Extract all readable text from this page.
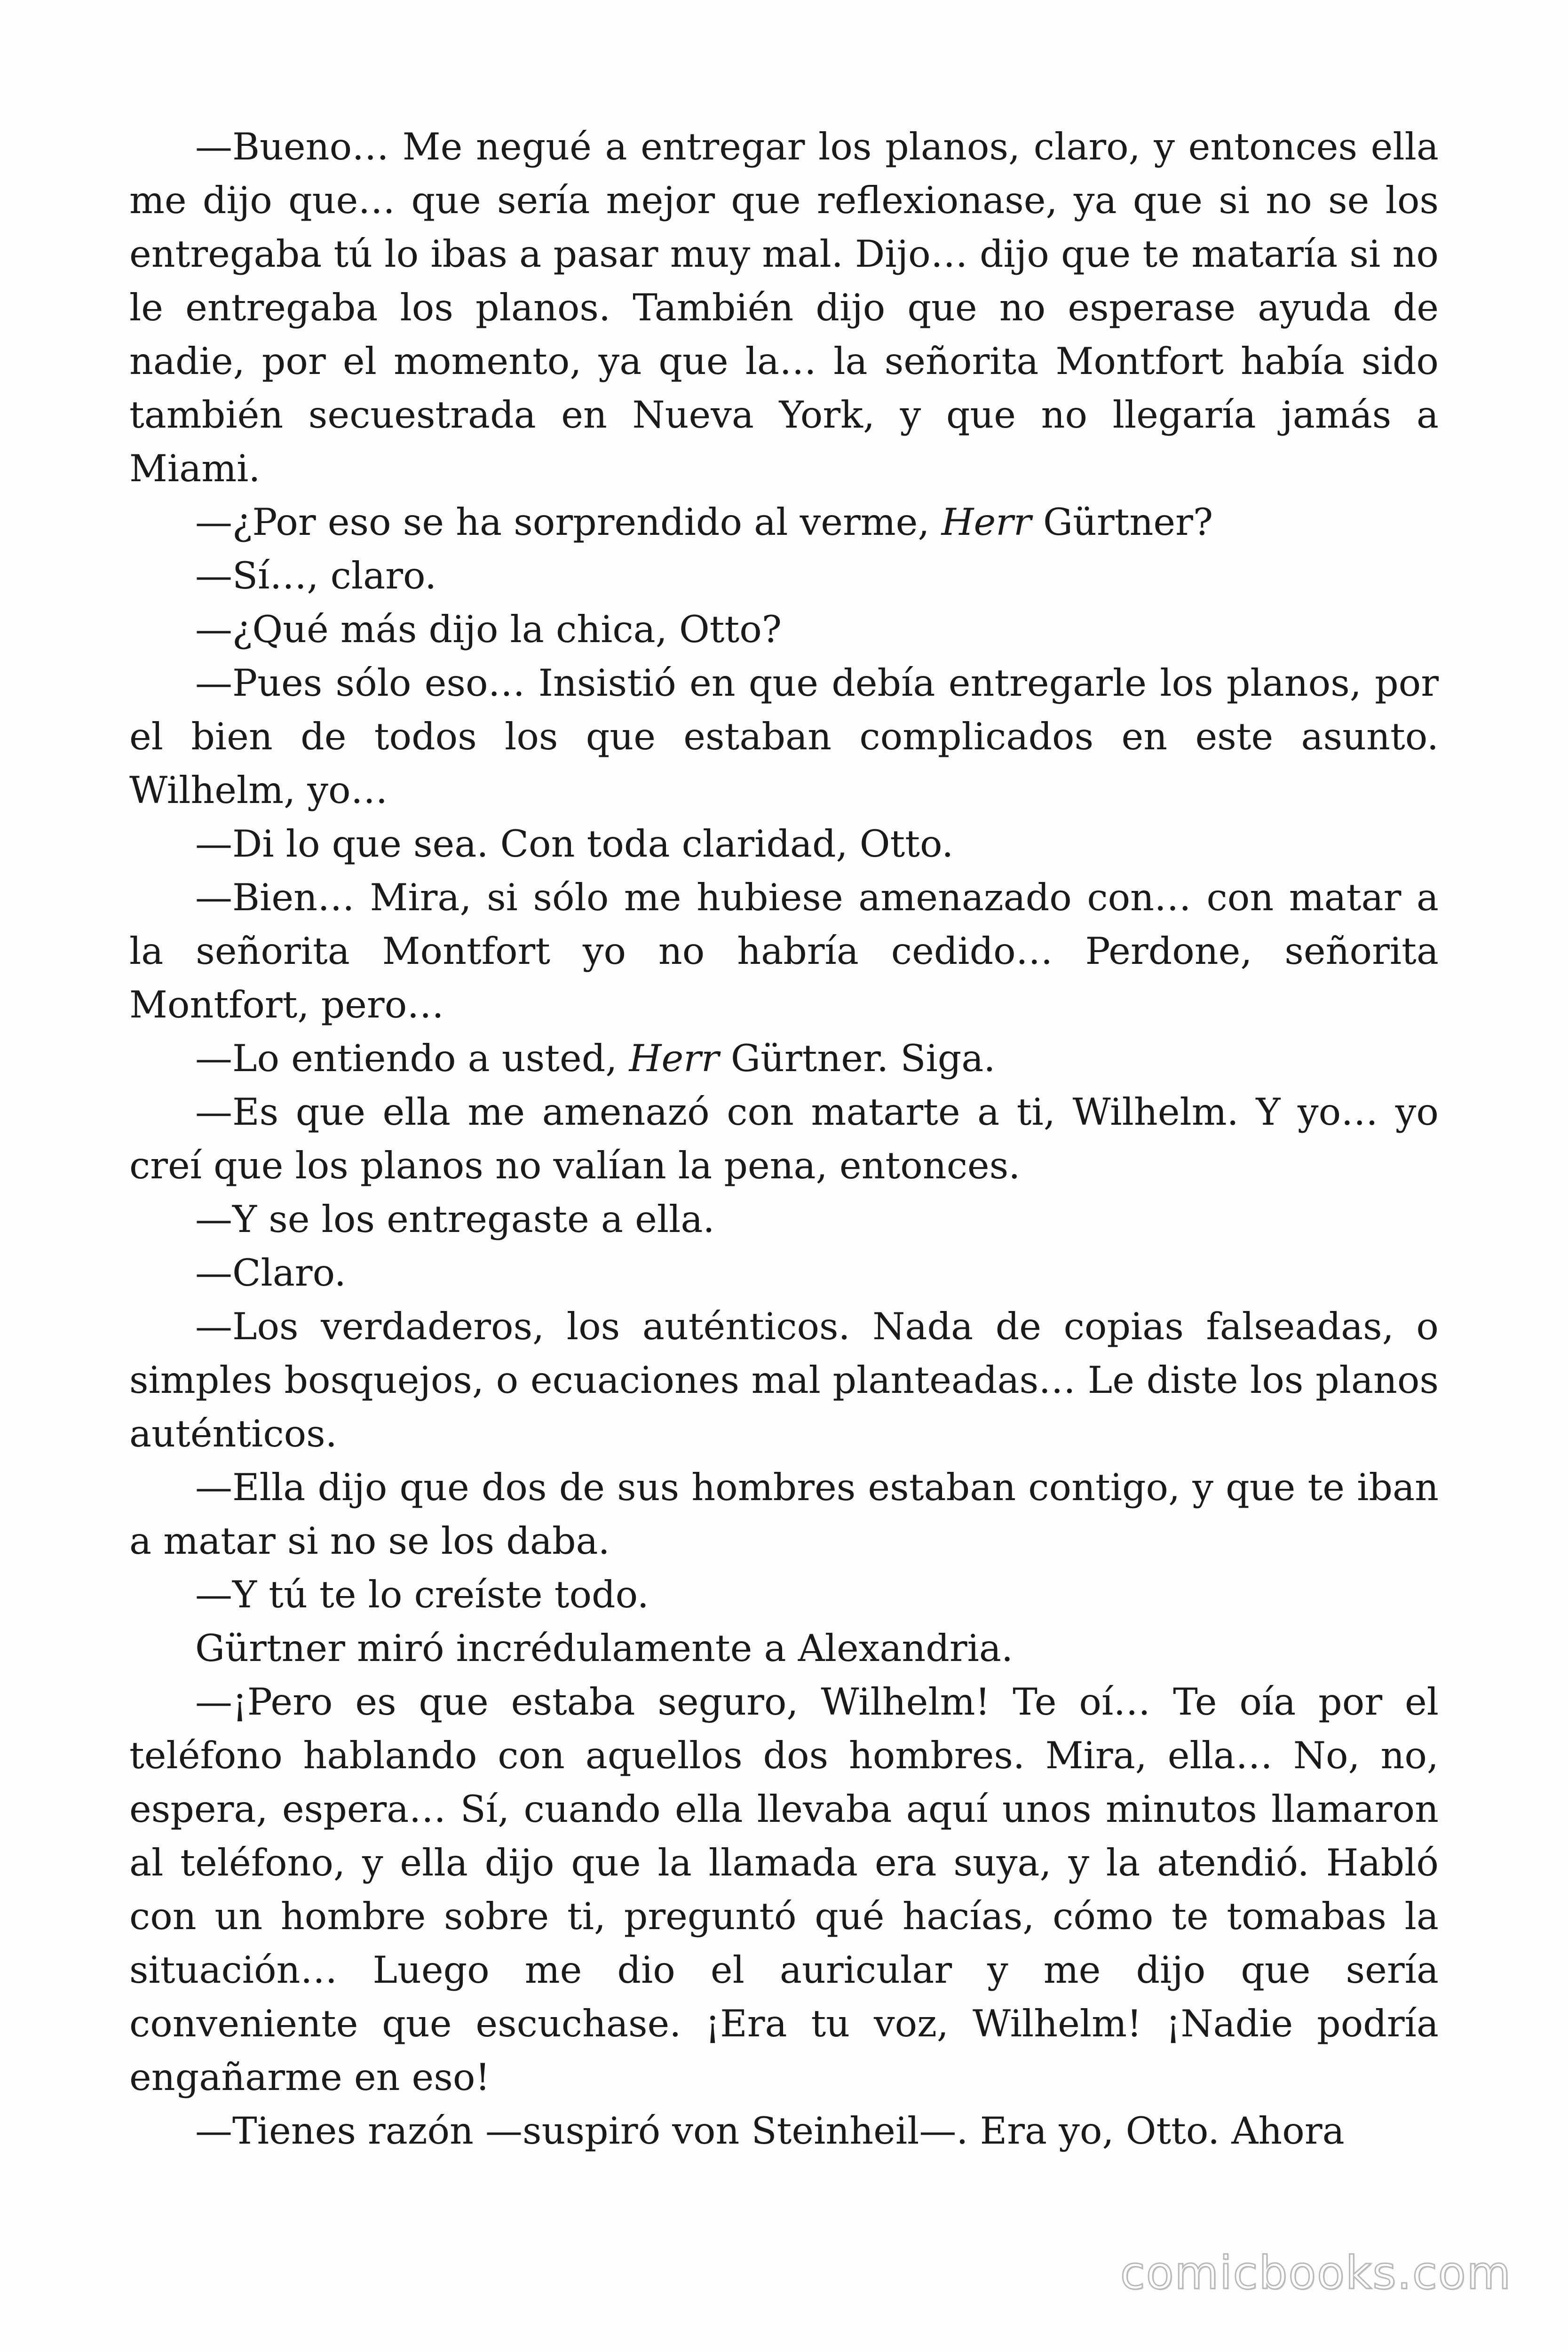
—Bueno… Me negué a entregar los planos, claro, y entonces ella me dijo que… que sería mejor que reflexionase, ya que si no se los entregaba tú lo ibas a pasar muy mal. Dijo… dijo que te mataría si no le entregaba los planos. También dijo que no esperase ayuda de nadie, por el momento, ya que la… la señorita Montfort había sido también secuestrada en Nueva York, y que no llegaría jamás a Miami.

—¿Por eso se ha sorprendido al verme, Herr Gürtner?

—Sí…, claro.

—¿Qué más dijo la chica, Otto?

—Pues sólo eso… Insistió en que debía entregarle los planos, por el bien de todos los que estaban complicados en este asunto. Wilhelm, yo…

—Di lo que sea. Con toda claridad, Otto.

—Bien… Mira, si sólo me hubiese amenazado con… con matar a la señorita Montfort yo no habría cedido… Perdone, señorita Montfort, pero…

—Lo entiendo a usted, Herr Gürtner. Siga.

—Es que ella me amenazó con matarte a ti, Wilhelm. Y yo… yo creí que los planos no valían la pena, entonces.

—Y se los entregaste a ella.

—Claro.

—Los verdaderos, los auténticos. Nada de copias falseadas, o simples bosquejos, o ecuaciones mal planteadas… Le diste los planos auténticos.

—Ella dijo que dos de sus hombres estaban contigo, y que te iban a matar si no se los daba.

—Y tú te lo creíste todo.

Gürtner miró incrédulamente a Alexandria.

—¡Pero es que estaba seguro, Wilhelm! Te oí… Te oía por el teléfono hablando con aquellos dos hombres. Mira, ella… No, no, espera, espera… Sí, cuando ella llevaba aquí unos minutos llamaron al teléfono, y ella dijo que la llamada era suya, y la atendió. Habló con un hombre sobre ti, preguntó qué hacías, cómo te tomabas la situación… Luego me dio el auricular y me dijo que sería conveniente que escuchase. ¡Era tu voz, Wilhelm! ¡Nadie podría engañarme en eso!

—Tienes razón —suspiró von Steinheil—. Era yo, Otto. Ahora

comicbooks.com
